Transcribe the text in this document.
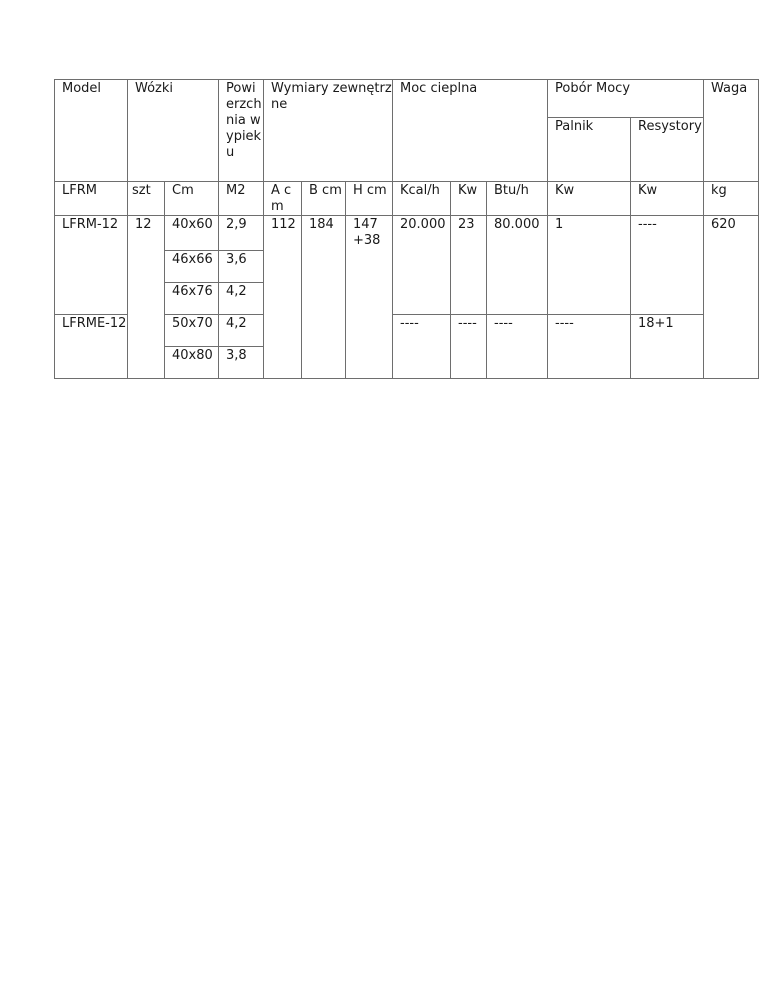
Model	Wózki		Powierzchnia wypieku	Wymiary zewnętrzne			Moc cieplna			Pobór Mocy		Waga
										Palnik	Resystory	
LFRM	szt	Cm	M2	A cm	B cm	H cm	Kcal/h	Kw	Btu/h	Kw	Kw	kg
LFRM-12	12	40x60	2,9	112	184	147 +38	20.000	23	80.000	1	----	620
		46x66	3,6									
		46x76	4,2									
LFRME-12		50x70	4,2				----	----	----	----	18+1	
		40x80	3,8									
